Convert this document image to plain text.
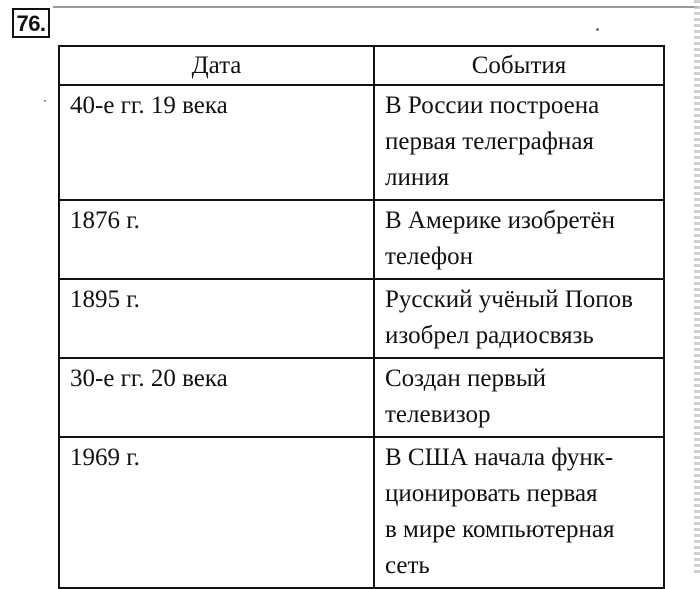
76.
Дата	События
40-е гг. 19 века	В России построена
первая телеграфная
линия

1876 г.	В Америке изобретён
телефон

1895 г.	Русский учёный Попов
изобрел радиосвязь

30-е гг. 20 века	Создан первый
телевизор

1969 г.	В США начала функ-
ционировать первая
в мире компьютерная
сеть
